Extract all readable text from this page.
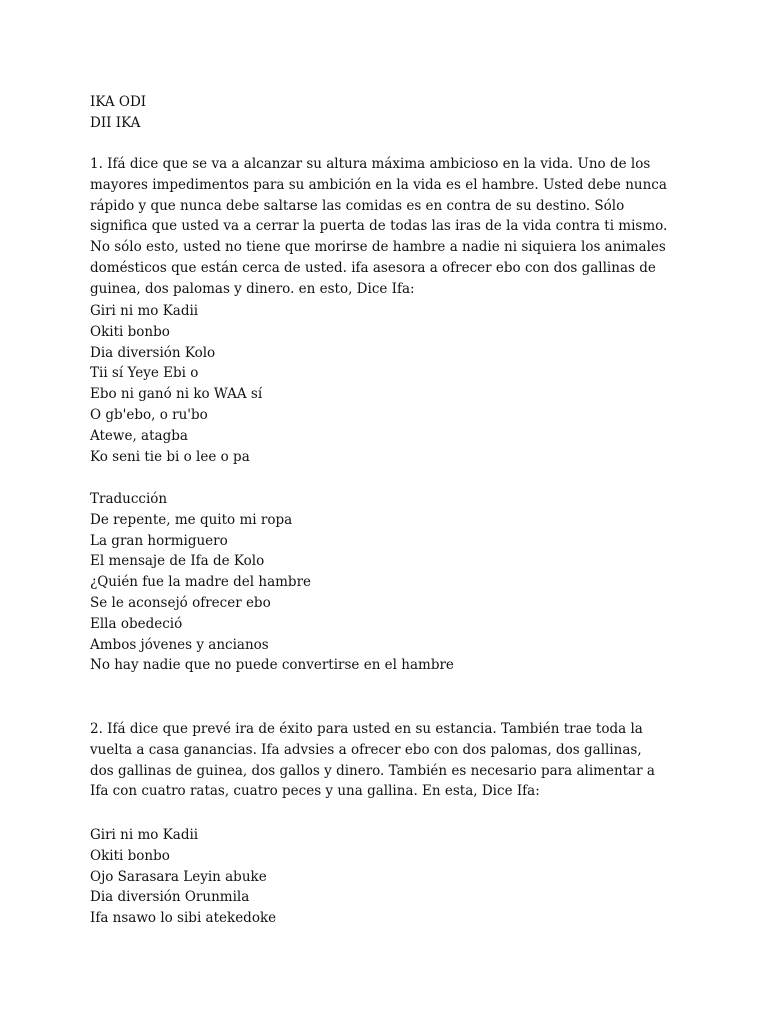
IKA ODI
DII IKA
1. Ifá dice que se va a alcanzar su altura máxima ambicioso en la vida. Uno de los mayores impedimentos para su ambición en la vida es el hambre. Usted debe nunca rápido y que nunca debe saltarse las comidas es en contra de su destino. Sólo significa que usted va a cerrar la puerta de todas las iras de la vida contra ti mismo. No sólo esto, usted no tiene que morirse de hambre a nadie ni siquiera los animales domésticos que están cerca de usted. ifa asesora a ofrecer ebo con dos gallinas de guinea, dos palomas y dinero. en esto, Dice Ifa:
Giri ni mo Kadii
Okiti bonbo
Dia diversión Kolo
Tii sí Yeye Ebi o
Ebo ni ganó ni ko WAA sí
O gb'ebo, o ru'bo
Atewe, atagba
Ko seni tie bi o lee o pa
Traducción
De repente, me quito mi ropa
La gran hormiguero
El mensaje de Ifa de Kolo
¿Quién fue la madre del hambre
Se le aconsejó ofrecer ebo
Ella obedeció
Ambos jóvenes y ancianos
No hay nadie que no puede convertirse en el hambre
2. Ifá dice que prevé ira de éxito para usted en su estancia. También trae toda la vuelta a casa ganancias. Ifa advsies a ofrecer ebo con dos palomas, dos gallinas, dos gallinas de guinea, dos gallos y dinero. También es necesario para alimentar a Ifa con cuatro ratas, cuatro peces y una gallina. En esta, Dice Ifa:
Giri ni mo Kadii
Okiti bonbo
Ojo Sarasara Leyin abuke
Dia diversión Orunmila
Ifa nsawo lo sibi atekedoke
